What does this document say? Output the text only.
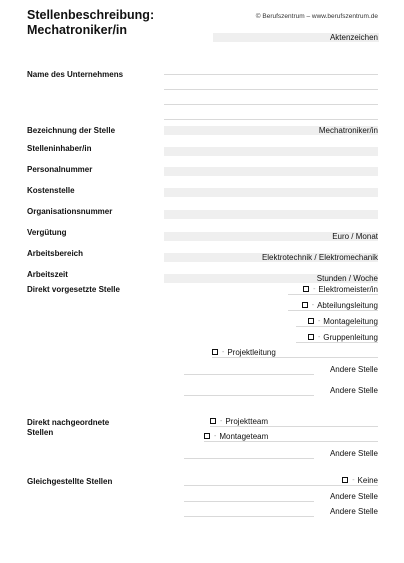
Stellenbeschreibung:
Mechatroniker/in
© Berufszentrum – www.berufszentrum.de
Aktenzeichen
Name des Unternehmens
Bezeichnung der Stelle	Mechatroniker/in
Stelleninhaber/in
Personalnummer
Kostenstelle
Organisationsnummer
Vergütung	Euro / Monat
Arbeitsbereich	Elektrotechnik / Elektromechanik
Arbeitszeit	Stunden / Woche
Direkt vorgesetzte Stelle	- Elektromeister/in
- Abteilungsleitung
- Montageleitung
- Gruppenleitung
- Projektleitung
Andere Stelle
Andere Stelle
Direkt nachgeordnete
Stellen
- Projektteam
- Montageteam
Andere Stelle
Gleichgestellte Stellen	- Keine
Andere Stelle
Andere Stelle
